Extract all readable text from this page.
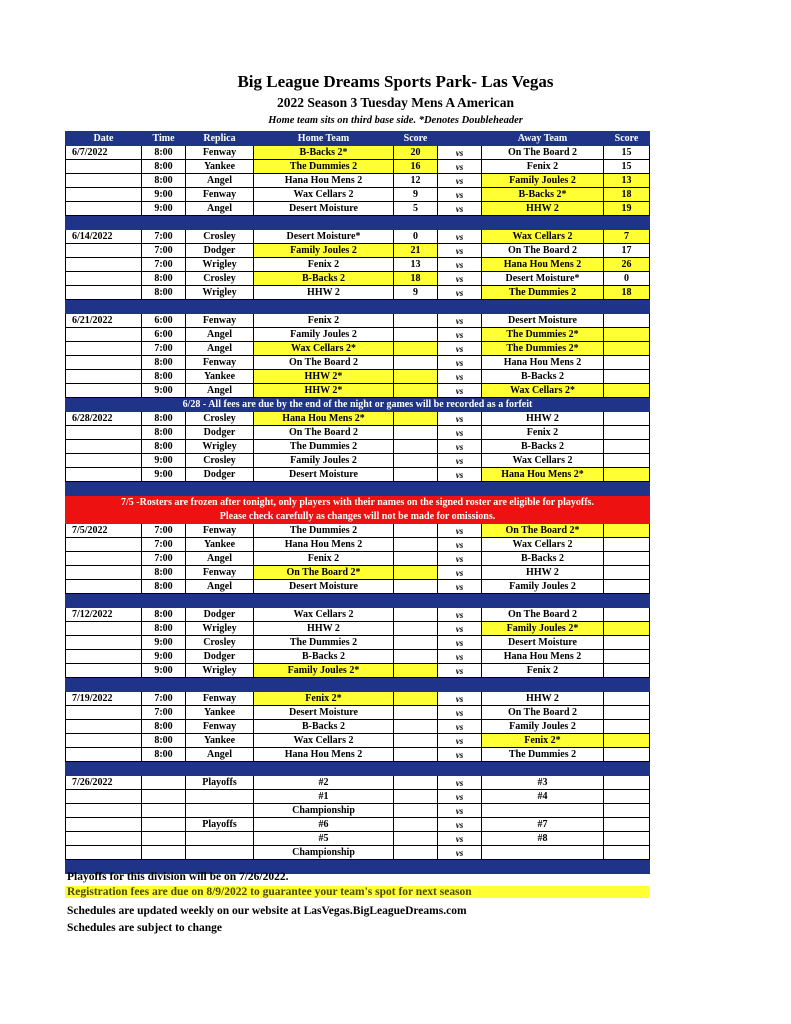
Big League Dreams Sports Park- Las Vegas
2022 Season 3 Tuesday Mens A American
Home team sits on third base side. *Denotes Doubleheader
Date	Time	Replica	Home Team	Score		Away Team	Score
6/7/2022	8:00	Fenway	B-Backs 2*	20	vs	On The Board 2	15
	8:00	Yankee	The Dummies 2	16	vs	Fenix 2	15
	8:00	Angel	Hana Hou Mens 2	12	vs	Family Joules 2	13
	9:00	Fenway	Wax Cellars 2	9	vs	B-Backs 2*	18
	9:00	Angel	Desert Moisture	5	vs	HHW 2	19

6/14/2022	7:00	Crosley	Desert Moisture*	0	vs	Wax Cellars 2	7
	7:00	Dodger	Family Joules 2	21	vs	On The Board 2	17
	7:00	Wrigley	Fenix 2	13	vs	Hana Hou Mens 2	26
	8:00	Crosley	B-Backs 2	18	vs	Desert Moisture*	0
	8:00	Wrigley	HHW 2	9	vs	The Dummies 2	18

6/21/2022	6:00	Fenway	Fenix 2		vs	Desert Moisture	
	6:00	Angel	Family Joules 2		vs	The Dummies 2*	
	7:00	Angel	Wax Cellars 2*		vs	The Dummies 2*	
	8:00	Fenway	On The Board 2		vs	Hana Hou Mens 2	
	8:00	Yankee	HHW 2*		vs	B-Backs 2	
	9:00	Angel	HHW 2*		vs	Wax Cellars 2*	
6/28 - All fees are due by the end of the night or games will be recorded as a forfeit							
6/28/2022	8:00	Crosley	Hana Hou Mens 2*		vs	HHW 2	
	8:00	Dodger	On The Board 2		vs	Fenix 2	
	8:00	Wrigley	The Dummies 2		vs	B-Backs 2	
	9:00	Crosley	Family Joules 2		vs	Wax Cellars 2	
	9:00	Dodger	Desert Moisture		vs	Hana Hou Mens 2*	

7/5 -Rosters are frozen after tonight, only players with their names on the signed roster are eligible for playoffs.							
Please check carefully as changes will not be made for omissions.							
7/5/2022	7:00	Fenway	The Dummies 2		vs	On The Board 2*	
	7:00	Yankee	Hana Hou Mens 2		vs	Wax Cellars 2	
	7:00	Angel	Fenix 2		vs	B-Backs 2	
	8:00	Fenway	On The Board 2*		vs	HHW 2	
	8:00	Angel	Desert Moisture		vs	Family Joules 2	

7/12/2022	8:00	Dodger	Wax Cellars 2		vs	On The Board 2	
	8:00	Wrigley	HHW 2		vs	Family Joules 2*	
	9:00	Crosley	The Dummies 2		vs	Desert Moisture	
	9:00	Dodger	B-Backs 2		vs	Hana Hou Mens 2	
	9:00	Wrigley	Family Joules 2*		vs	Fenix 2	

7/19/2022	7:00	Fenway	Fenix 2*		vs	HHW 2	
	7:00	Yankee	Desert Moisture		vs	On The Board 2	
	8:00	Fenway	B-Backs 2		vs	Family Joules 2	
	8:00	Yankee	Wax Cellars 2		vs	Fenix 2*	
	8:00	Angel	Hana Hou Mens 2		vs	The Dummies 2	

7/26/2022		Playoffs	#2		vs	#3	
			#1		vs	#4	
			Championship		vs		
		Playoffs	#6		vs	#7	
			#5		vs	#8	
			Championship		vs		

Playoffs for this division will be on 7/26/2022.
Registration fees are due on 8/9/2022 to guarantee your team's spot for next season
Schedules are updated weekly on our website at LasVegas.BigLeagueDreams.com
Schedules are subject to change
